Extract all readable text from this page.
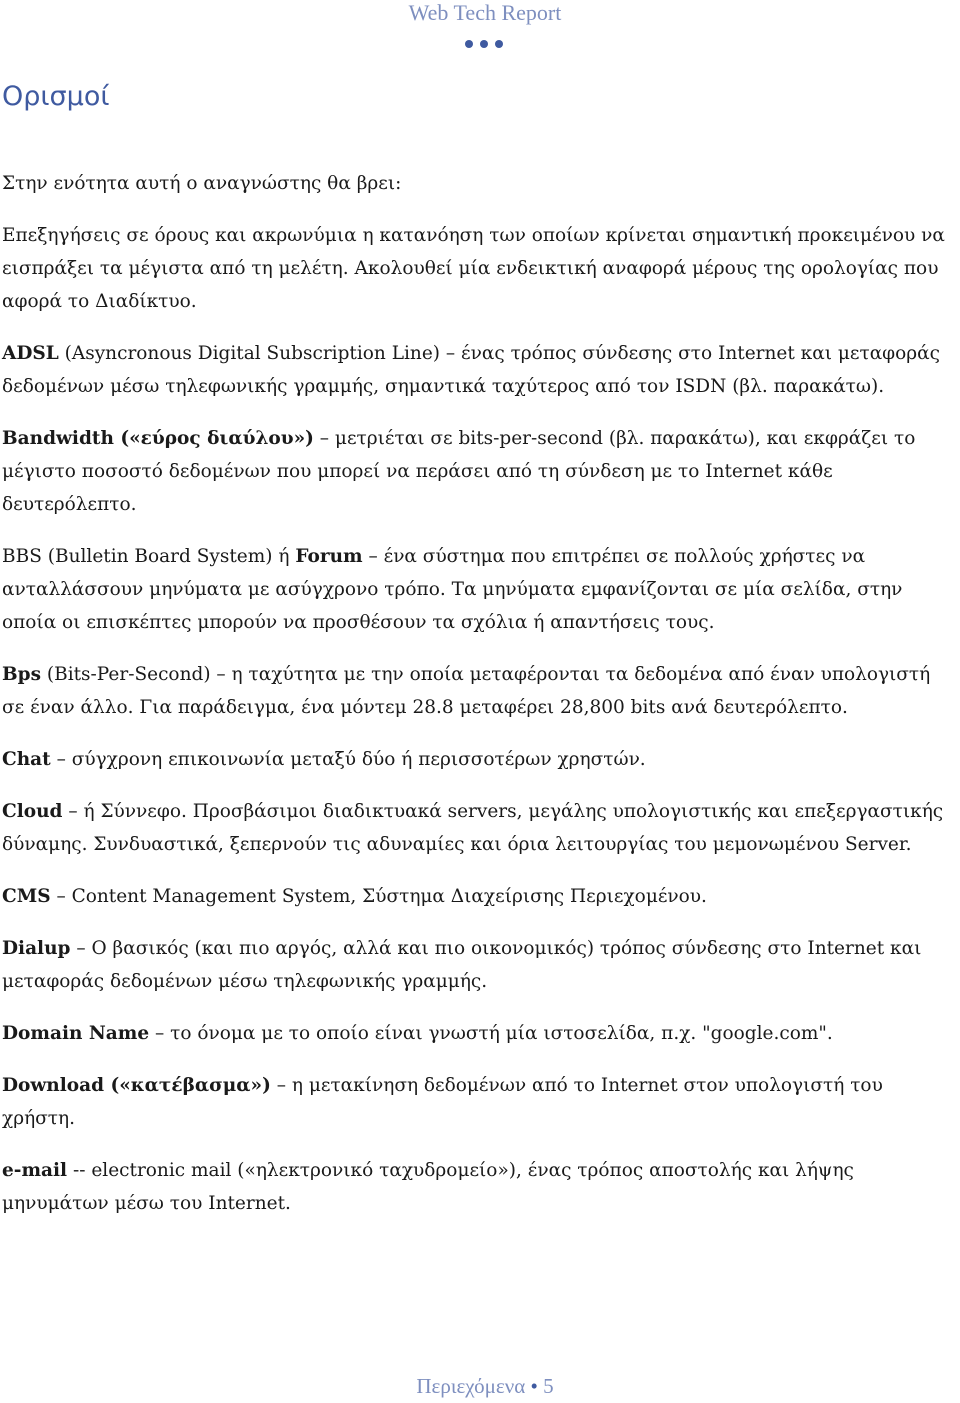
Web Tech Report
Ορισμοί

Στην ενότητα αυτή ο αναγνώστης θα βρει:

Επεξηγήσεις σε όρους και ακρωνύμια η κατανόηση των οποίων κρίνεται σημαντική προκειμένου να εισπράξει τα μέγιστα από τη μελέτη. Ακολουθεί μία ενδεικτική αναφορά μέρους της ορολογίας που αφορά το Διαδίκτυο.

ADSL (Asyncronous Digital Subscription Line) – ένας τρόπος σύνδεσης στο Internet και μεταφοράς δεδομένων μέσω τηλεφωνικής γραμμής, σημαντικά ταχύτερος από τον ISDN (βλ. παρακάτω).

Bandwidth («εύρος διαύλου») – μετριέται σε bits-per-second (βλ. παρακάτω), και εκφράζει το μέγιστο ποσοστό δεδομένων που μπορεί να περάσει από τη σύνδεση με το Internet κάθε δευτερόλεπτο.

BBS (Bulletin Board System) ή Forum – ένα σύστημα που επιτρέπει σε πολλούς χρήστες να ανταλλάσσουν μηνύματα με ασύγχρονο τρόπο. Τα μηνύματα εμφανίζονται σε μία σελίδα, στην οποία οι επισκέπτες μπορούν να προσθέσουν τα σχόλια ή απαντήσεις τους.

Bps (Bits-Per-Second) – η ταχύτητα με την οποία μεταφέρονται τα δεδομένα από έναν υπολογιστή σε έναν άλλο. Για παράδειγμα, ένα μόντεμ 28.8 μεταφέρει 28,800 bits ανά δευτερόλεπτο.

Chat – σύγχρονη επικοινωνία μεταξύ δύο ή περισσοτέρων χρηστών.

Cloud – ή Σύννεφο. Προσβάσιμοι διαδικτυακά servers, μεγάλης υπολογιστικής και επεξεργαστικής δύναμης. Συνδυαστικά, ξεπερνούν τις αδυναμίες και όρια λειτουργίας του μεμονωμένου Server.

CMS – Content Management System, Σύστημα Διαχείρισης Περιεχομένου.

Dialup – Ο βασικός (και πιο αργός, αλλά και πιο οικονομικός) τρόπος σύνδεσης στο Internet και μεταφοράς δεδομένων μέσω τηλεφωνικής γραμμής.

Domain Name – το όνομα με το οποίο είναι γνωστή μία ιστοσελίδα, π.χ. "google.com".

Download («κατέβασμα») – η μετακίνηση δεδομένων από το Internet στον υπολογιστή του χρήστη.

e-mail -- electronic mail («ηλεκτρονικό ταχυδρομείο»), ένας τρόπος αποστολής και λήψης μηνυμάτων μέσω του Internet.

Περιεχόμενα • 5
